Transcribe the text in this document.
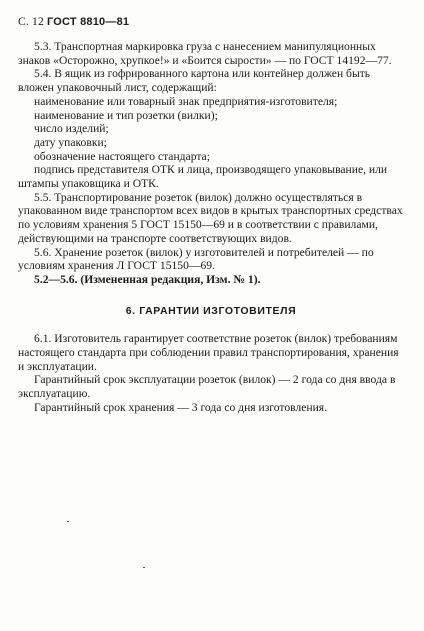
С. 12 ГОСТ 8810—81

5.3. Транспортная маркировка груза с нанесением манипуляционных знаков «Осторожно, хрупкое!» и «Боится сырости» — по ГОСТ 14192—77.

5.4. В ящик из гофрированного картона или контейнер должен быть вложен упаковочный лист, содержащий:

наименование или товарный знак предприятия-изготовителя;

наименование и тип розетки (вилки);

число изделий;

дату упаковки;

обозначение настоящего стандарта;

подпись представителя ОТК и лица, производящего упаковывание, или штампы упаковщика и ОТК.

5.5. Транспортирование розеток (вилок) должно осуществляться в упакованном виде транспортом всех видов в крытых транспортных средствах по условиям хранения 5 ГОСТ 15150—69 и в соответствии с правилами, действующими на транспорте соответствующих видов.

5.6. Хранение розеток (вилок) у изготовителей и потребителей — по условиям хранения Л ГОСТ 15150—69.

5.2—5.6. (Измененная редакция, Изм. № 1).

6. ГАРАНТИИ ИЗГОТОВИТЕЛЯ

6.1. Изготовитель гарантирует соответствие розеток (вилок) требованиям настоящего стандарта при соблюдении правил транспортирования, хранения и эксплуатации.

Гарантийный срок эксплуатации розеток (вилок) — 2 года со дня ввода в эксплуатацию.

Гарантийный срок хранения — 3 года со дня изготовления.
